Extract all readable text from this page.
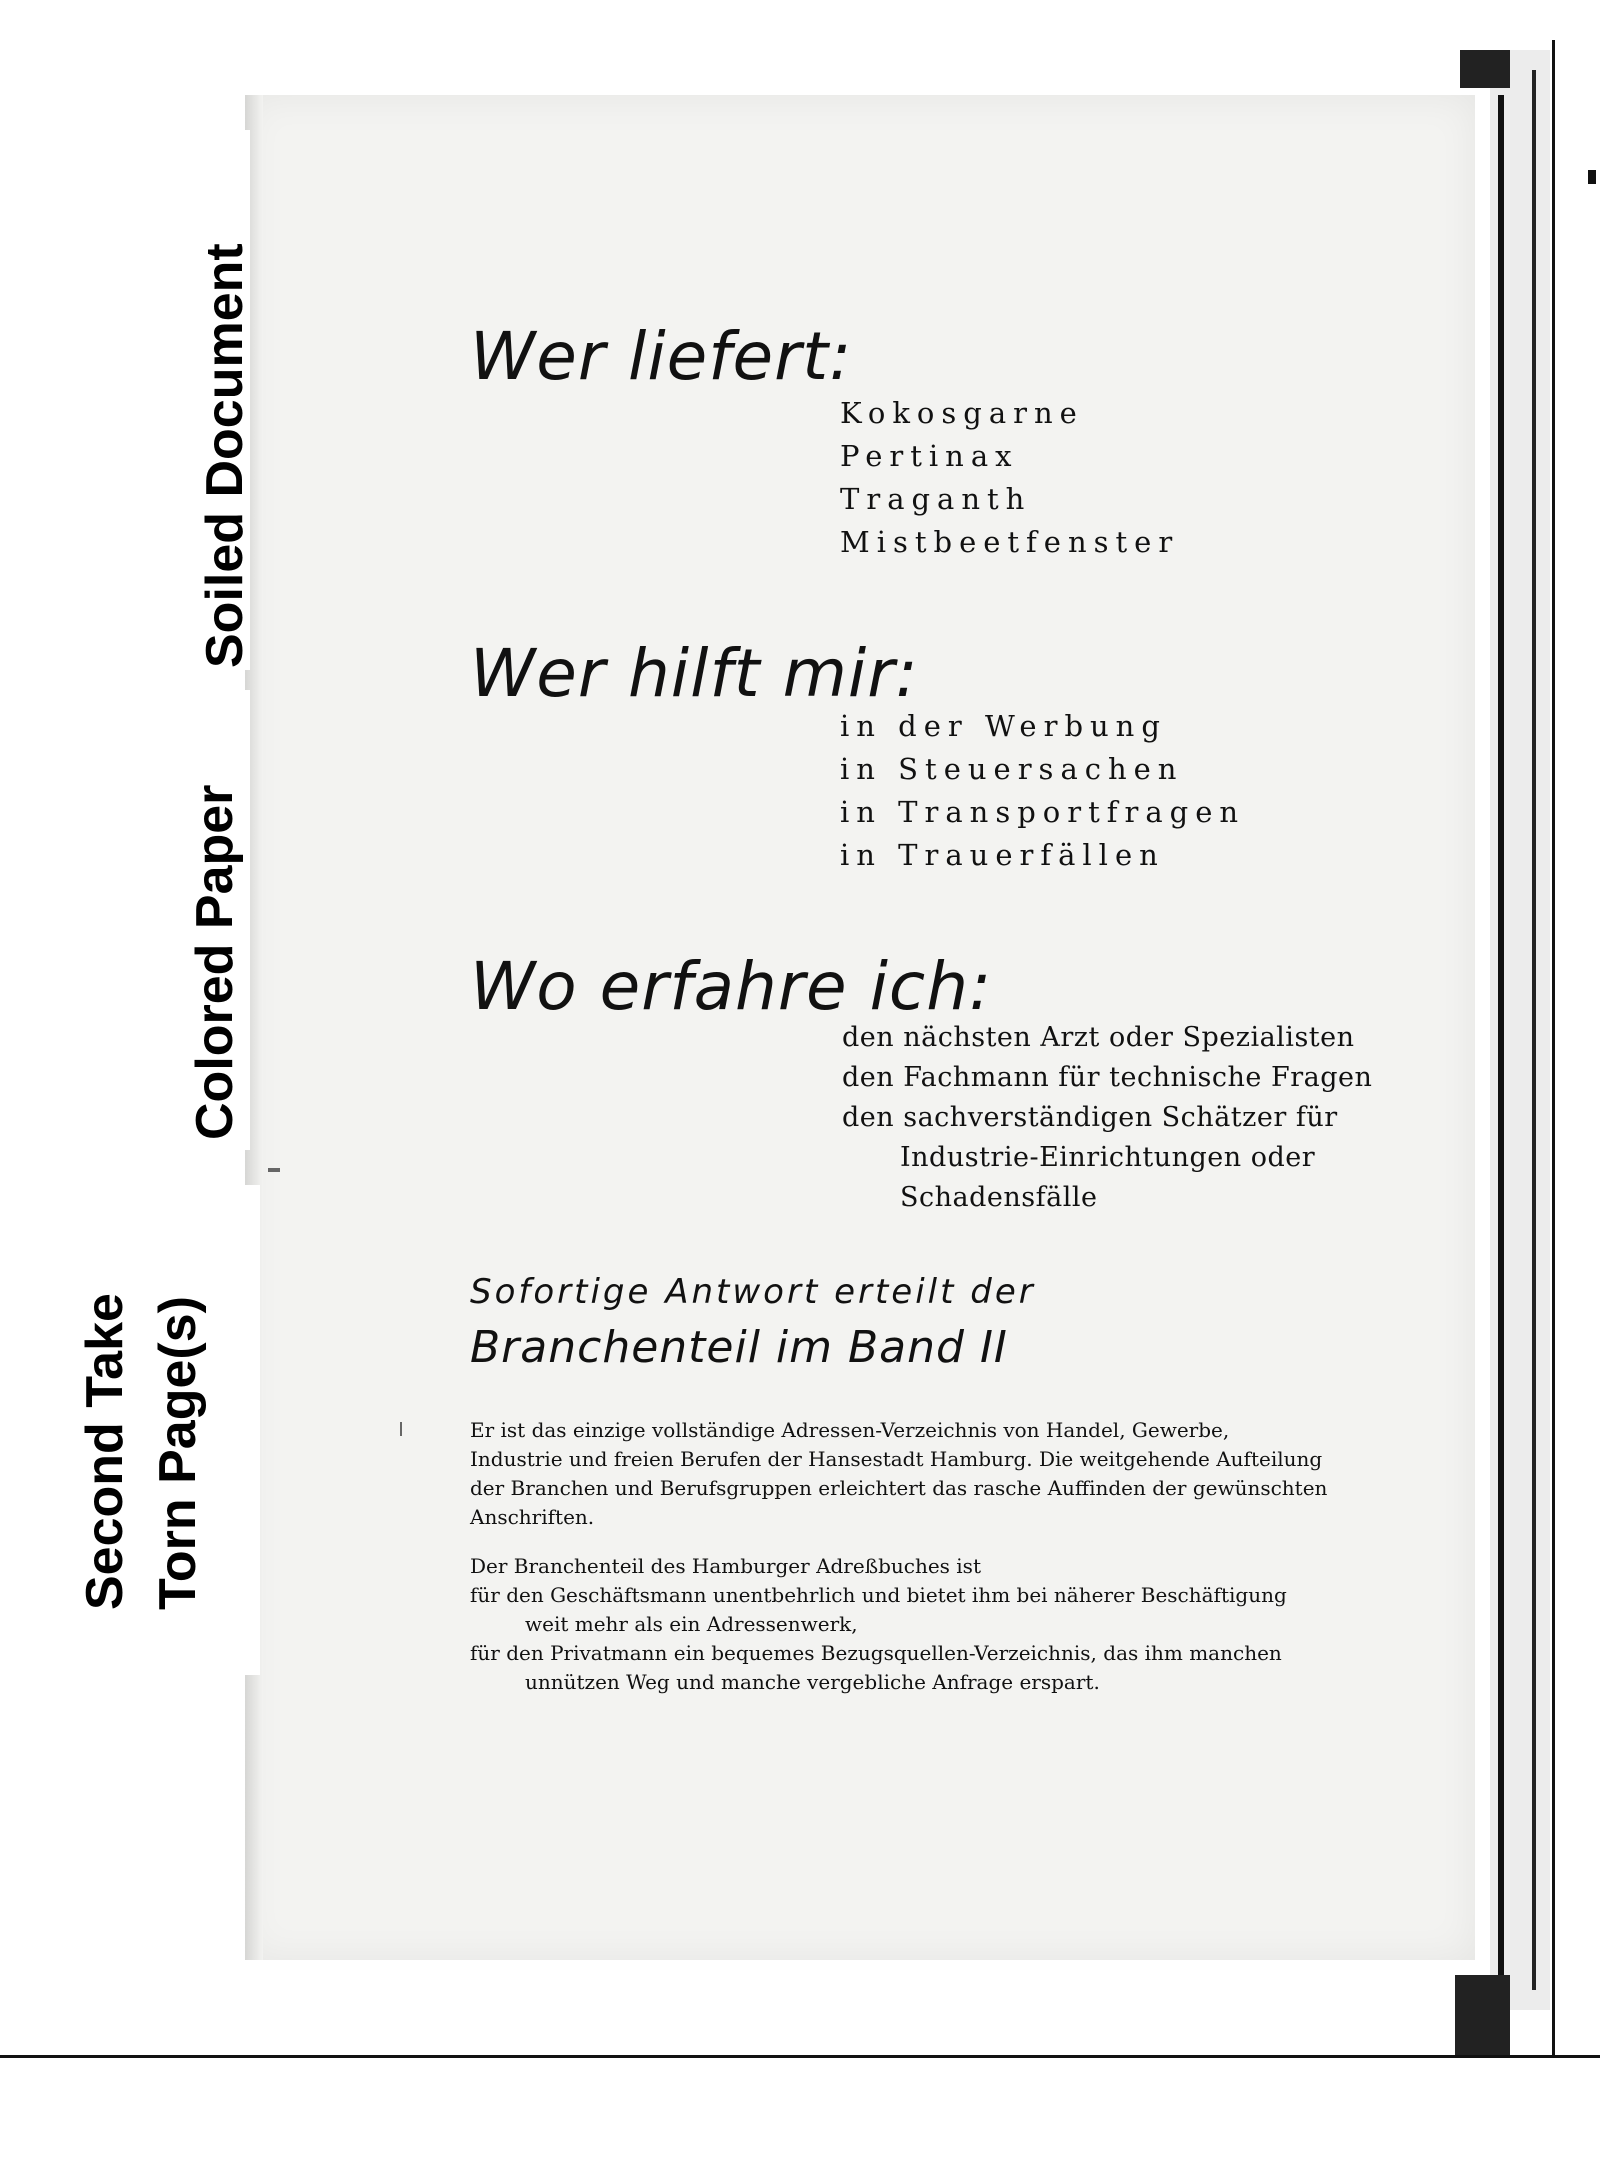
Soiled Document
Colored Paper
Second Take Torn Page(s)
Wer liefert:
Kokosgarne
Pertinax
Traganth
Mistbeetfenster
Wer hilft mir:
in der Werbung
in Steuersachen
in Transportfragen
in Trauerfällen
Wo erfahre ich:
den nächsten Arzt oder Spezialisten
den Fachmann für technische Fragen
den sachverständigen Schätzer für
Industrie-Einrichtungen oder
Schadensfälle
Sofortige Antwort erteilt der
Branchenteil im Band II
Er ist das einzige vollständige Adressen-Verzeichnis von Handel, Gewerbe,
Industrie und freien Berufen der Hansestadt Hamburg. Die weitgehende Aufteilung
der Branchen und Berufsgruppen erleichtert das rasche Auffinden der gewünschten
Anschriften.
Der Branchenteil des Hamburger Adreßbuches ist
für den Geschäftsmann unentbehrlich und bietet ihm bei näherer Beschäftigung
weit mehr als ein Adressenwerk,
für den Privatmann ein bequemes Bezugsquellen-Verzeichnis, das ihm manchen
unnützen Weg und manche vergebliche Anfrage erspart.
